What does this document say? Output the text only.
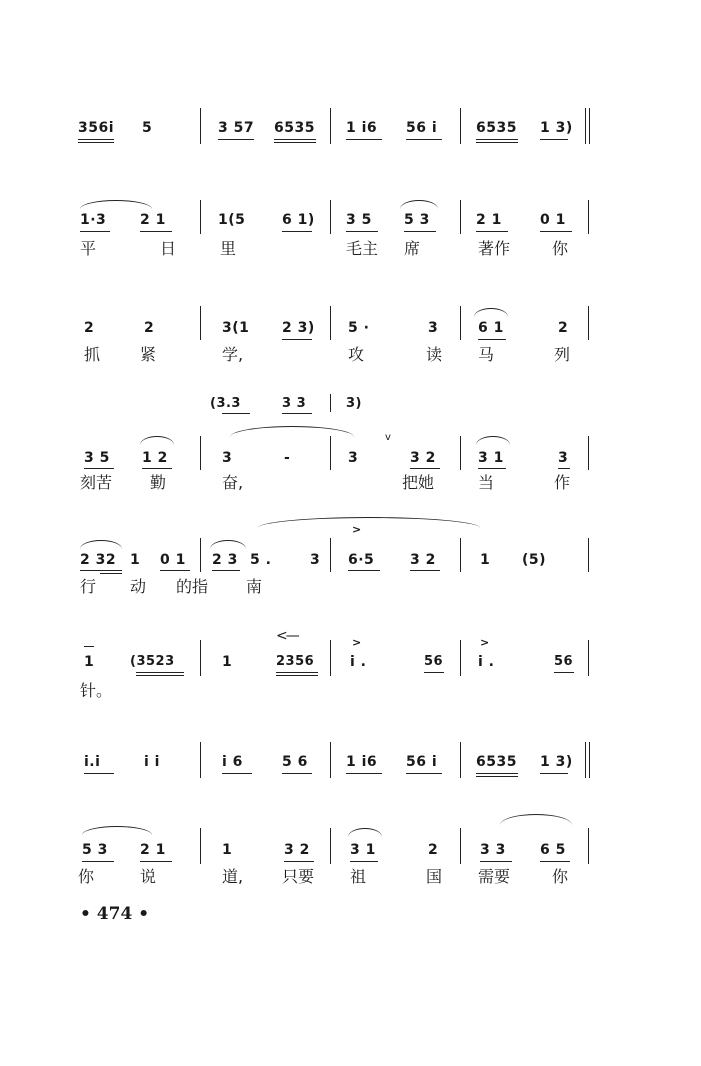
356i 5	3 57 6535 1 i6 56 i	6535 1 3)
1·3 2 1	1(5	6 1) 3 5 5 3	2 1	0 1
平	日	里	毛主 席	著作	你
2	2	3(1 2 3) 5 ·	3	6 1	2
抓 紧	学,	攻	读 马	列
(3.3	3 3	3)
3 5 1 2	3	-	3	3 2	3 1	3
v
刻苦 勤	奋,	把她	当	作
>
2 32 1 0 1 2 3 5 .	3 6·5	3 2	1 (5)
行 动 的指 南
<—	>	>
1	(3523	1	2356	i .	56 i .	56
针。
i.i	i i	i 6	5 6	1 i6 56 i	6535 1 3)
5 3 2 1	1	3 2	3 1	2	3 3 6 5
你	说	道, 只要 祖	国 需要	你
• 474 •
